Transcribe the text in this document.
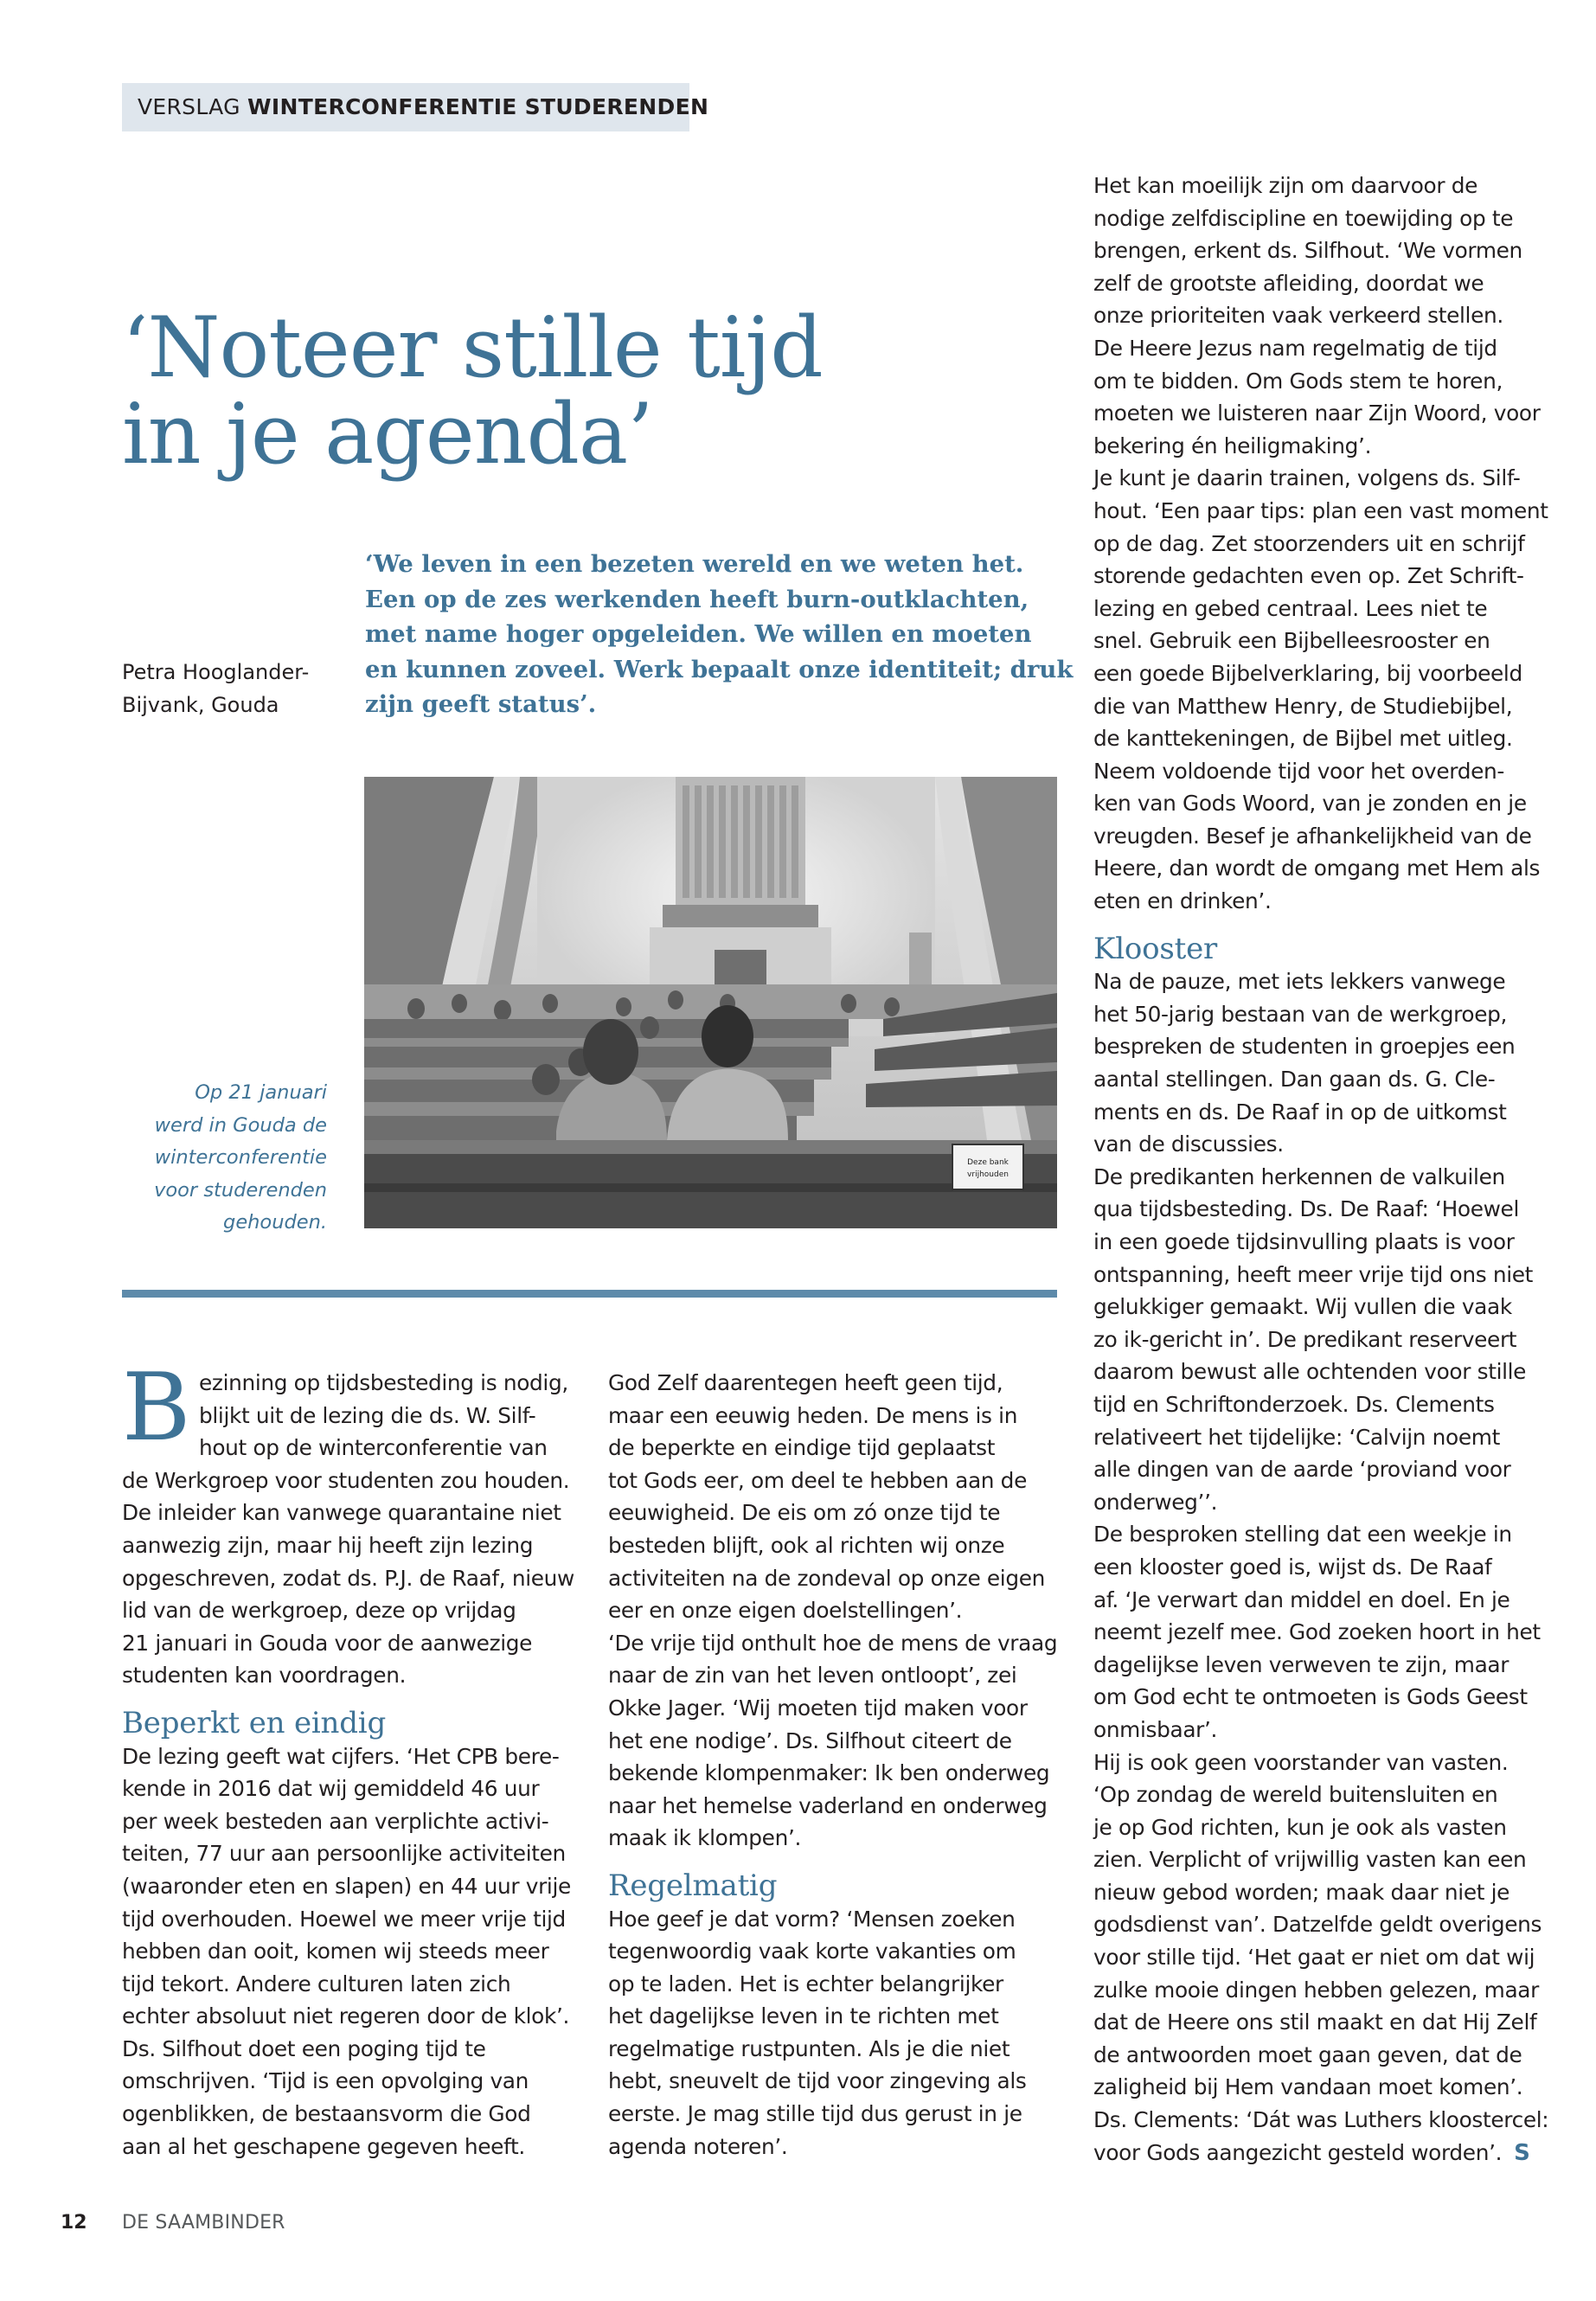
VERSLAG WINTERCONFERENTIE STUDERENDEN
‘Noteer stille tijd
in je agenda’
Petra Hooglander-
Bijvank, Gouda
‘We leven in een bezeten wereld en we weten het.
Een op de zes werkenden heeft burn-outklachten,
met name hoger opgeleiden. We willen en moeten
en kunnen zoveel. Werk bepaalt onze identiteit; druk
zijn geeft status’.
Deze bank
vrijhouden
Op 21 januari
werd in Gouda de
winterconferentie
voor studerenden
gehouden.
B ezinning op tijdsbesteding is nodig,
blijkt uit de lezing die ds. W. Silf-
hout op de winterconferentie van
de Werkgroep voor studenten zou houden.
De inleider kan vanwege quarantaine niet
aanwezig zijn, maar hij heeft zijn lezing
opgeschreven, zodat ds. P.J. de Raaf, nieuw
lid van de werkgroep, deze op vrijdag
21 januari in Gouda voor de aanwezige
studenten kan voordragen.
Beperkt en eindig
De lezing geeft wat cijfers. ‘Het CPB bere-
kende in 2016 dat wij gemiddeld 46 uur
per week besteden aan verplichte activi-
teiten, 77 uur aan persoonlijke activiteiten
(waaronder eten en slapen) en 44 uur vrije
tijd overhouden. Hoewel we meer vrije tijd
hebben dan ooit, komen wij steeds meer
tijd tekort. Andere culturen laten zich
echter absoluut niet regeren door de klok’.
Ds. Silfhout doet een poging tijd te
omschrijven. ‘Tijd is een opvolging van
ogenblikken, de bestaansvorm die God
aan al het geschapene gegeven heeft.
God Zelf daarentegen heeft geen tijd,
maar een eeuwig heden. De mens is in
de beperkte en eindige tijd geplaatst
tot Gods eer, om deel te hebben aan de
eeuwigheid. De eis om zó onze tijd te
besteden blijft, ook al richten wij onze
activiteiten na de zondeval op onze eigen
eer en onze eigen doelstellingen’.
‘De vrije tijd onthult hoe de mens de vraag
naar de zin van het leven ontloopt’, zei
Okke Jager. ‘Wij moeten tijd maken voor
het ene nodige’. Ds. Silfhout citeert de
bekende klompenmaker: Ik ben onderweg
naar het hemelse vaderland en onderweg
maak ik klompen’.
Regelmatig
Hoe geef je dat vorm? ‘Mensen zoeken
tegenwoordig vaak korte vakanties om
op te laden. Het is echter belangrijker
het dagelijkse leven in te richten met
regelmatige rustpunten. Als je die niet
hebt, sneuvelt de tijd voor zingeving als
eerste. Je mag stille tijd dus gerust in je
agenda noteren’.
Het kan moeilijk zijn om daarvoor de
nodige zelfdiscipline en toewijding op te
brengen, erkent ds. Silfhout. ‘We vormen
zelf de grootste afleiding, doordat we
onze prioriteiten vaak verkeerd stellen.
De Heere Jezus nam regelmatig de tijd
om te bidden. Om Gods stem te horen,
moeten we luisteren naar Zijn Woord, voor
bekering én heiligmaking’.
Je kunt je daarin trainen, volgens ds. Silf-
hout. ‘Een paar tips: plan een vast moment
op de dag. Zet stoorzenders uit en schrijf
storende gedachten even op. Zet Schrift-
lezing en gebed centraal. Lees niet te
snel. Gebruik een Bijbelleesrooster en
een goede Bijbelverklaring, bij voorbeeld
die van Matthew Henry, de Studiebijbel,
de kanttekeningen, de Bijbel met uitleg.
Neem voldoende tijd voor het overden-
ken van Gods Woord, van je zonden en je
vreugden. Besef je afhankelijkheid van de
Heere, dan wordt de omgang met Hem als
eten en drinken’.
Klooster
Na de pauze, met iets lekkers vanwege
het 50-jarig bestaan van de werkgroep,
bespreken de studenten in groepjes een
aantal stellingen. Dan gaan ds. G. Cle-
ments en ds. De Raaf in op de uitkomst
van de discussies.
De predikanten herkennen de valkuilen
qua tijdsbesteding. Ds. De Raaf: ‘Hoewel
in een goede tijdsinvulling plaats is voor
ontspanning, heeft meer vrije tijd ons niet
gelukkiger gemaakt. Wij vullen die vaak
zo ik-gericht in’. De predikant reserveert
daarom bewust alle ochtenden voor stille
tijd en Schriftonderzoek. Ds. Clements
relativeert het tijdelijke: ‘Calvijn noemt
alle dingen van de aarde ‘proviand voor
onderweg’’.
De besproken stelling dat een weekje in
een klooster goed is, wijst ds. De Raaf
af. ‘Je verwart dan middel en doel. En je
neemt jezelf mee. God zoeken hoort in het
dagelijkse leven verweven te zijn, maar
om God echt te ontmoeten is Gods Geest
onmisbaar’.
Hij is ook geen voorstander van vasten.
‘Op zondag de wereld buitensluiten en
je op God richten, kun je ook als vasten
zien. Verplicht of vrijwillig vasten kan een
nieuw gebod worden; maak daar niet je
godsdienst van’. Datzelfde geldt overigens
voor stille tijd. ‘Het gaat er niet om dat wij
zulke mooie dingen hebben gelezen, maar
dat de Heere ons stil maakt en dat Hij Zelf
de antwoorden moet gaan geven, dat de
zaligheid bij Hem vandaan moet komen’.
Ds. Clements: ‘Dát was Luthers kloostercel:
voor Gods aangezicht gesteld worden’. S
12 DE SAAMBINDER
